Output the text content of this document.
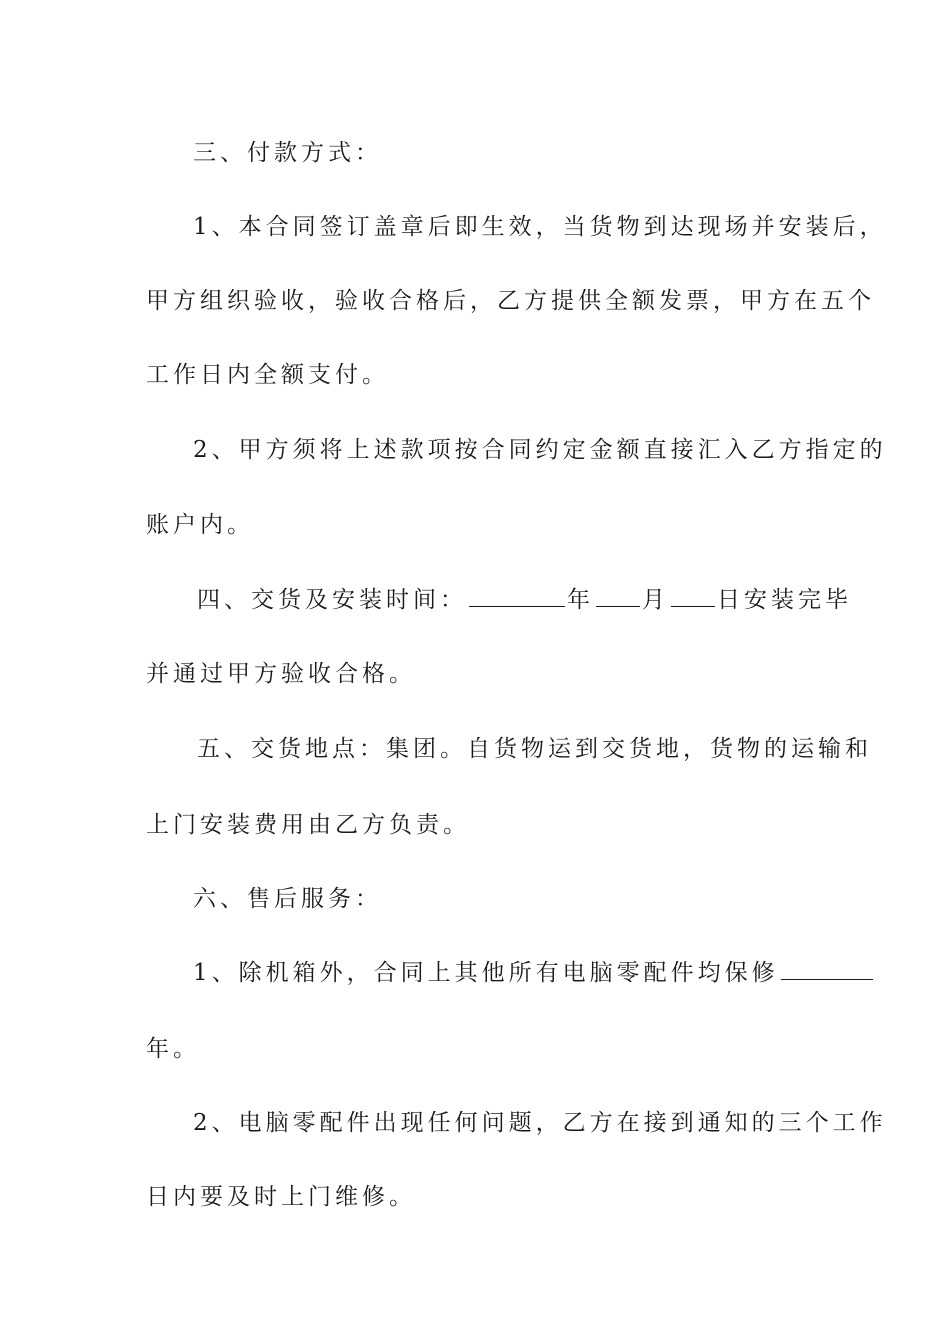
三、付款方式：
1、本合同签订盖章后即生效，当货物到达现场并安装后，
甲方组织验收，验收合格后，乙方提供全额发票，甲方在五个
工作日内全额支付。
2、甲方须将上述款项按合同约定金额直接汇入乙方指定的
账户内。
四、交货及安装时间：	年 月 日安装完毕
并通过甲方验收合格。
五、交货地点：集团。自货物运到交货地，货物的运输和
上门安装费用由乙方负责。
六、售后服务：
1、除机箱外，合同上其他所有电脑零配件均保修
年。
2、电脑零配件出现任何问题，乙方在接到通知的三个工作
日内要及时上门维修。
